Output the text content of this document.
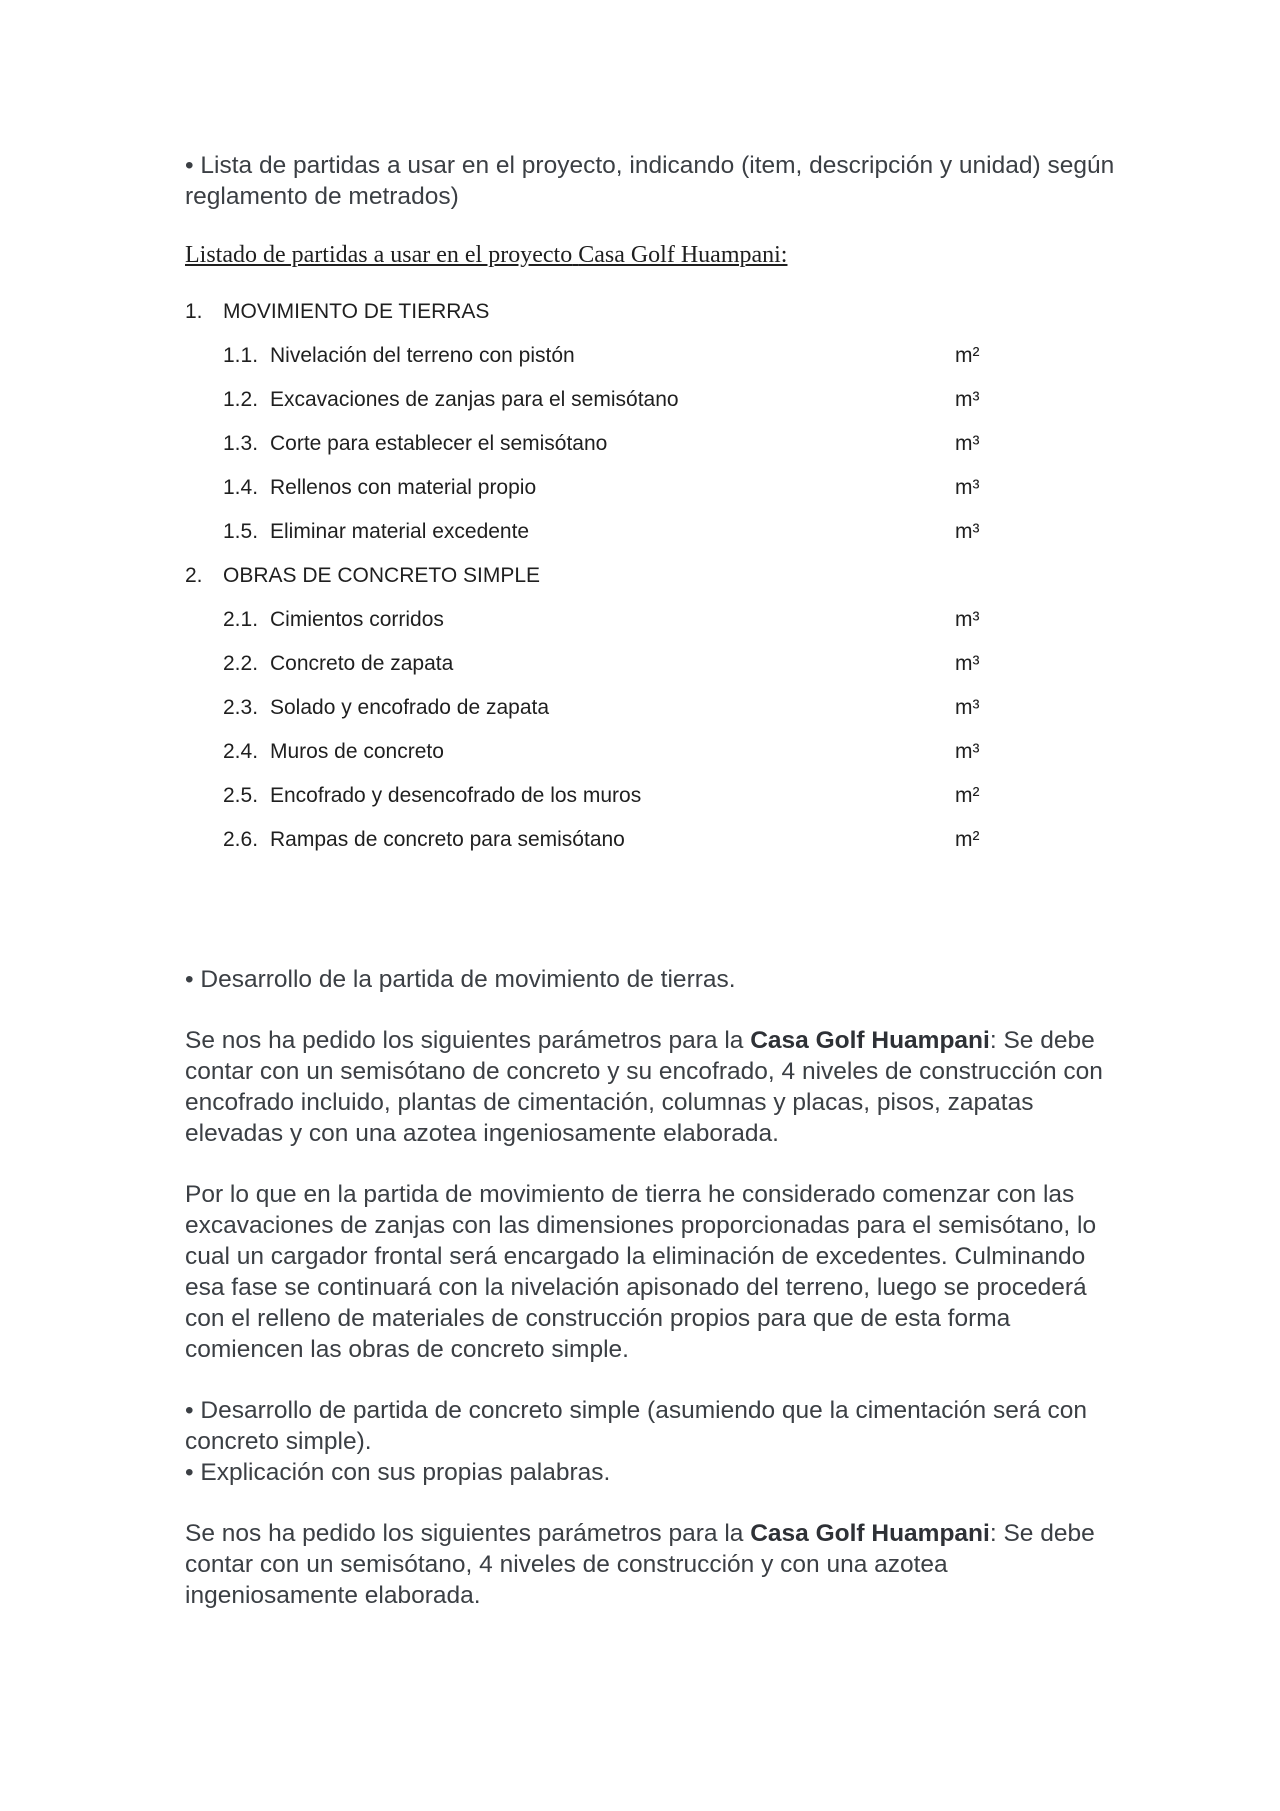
• Lista de partidas a usar en el proyecto, indicando (item, descripción y unidad) según reglamento de metrados)

Listado de partidas a usar en el proyecto Casa Golf Huampani:

1. MOVIMIENTO DE TIERRAS
1.1. Nivelación del terreno con pistón	m²
1.2. Excavaciones de zanjas para el semisótano	m³
1.3. Corte para establecer el semisótano	m³
1.4. Rellenos con material propio	m³
1.5. Eliminar material excedente	m³
2. OBRAS DE CONCRETO SIMPLE
2.1. Cimientos corridos	m³
2.2. Concreto de zapata	m³
2.3. Solado y encofrado de zapata	m³
2.4. Muros de concreto	m³
2.5. Encofrado y desencofrado de los muros	m²
2.6. Rampas de concreto para semisótano	m²

• Desarrollo de la partida de movimiento de tierras.

Se nos ha pedido los siguientes parámetros para la Casa Golf Huampani: Se debe contar con un semisótano de concreto y su encofrado, 4 niveles de construcción con encofrado incluido, plantas de cimentación, columnas y placas, pisos, zapatas elevadas y con una azotea ingeniosamente elaborada.

Por lo que en la partida de movimiento de tierra he considerado comenzar con las excavaciones de zanjas con las dimensiones proporcionadas para el semisótano, lo cual un cargador frontal será encargado la eliminación de excedentes. Culminando esa fase se continuará con la nivelación apisonado del terreno, luego se procederá con el relleno de materiales de construcción propios para que de esta forma comiencen las obras de concreto simple.

• Desarrollo de partida de concreto simple (asumiendo que la cimentación será con concreto simple).

• Explicación con sus propias palabras.

Se nos ha pedido los siguientes parámetros para la Casa Golf Huampani: Se debe contar con un semisótano, 4 niveles de construcción y con una azotea ingeniosamente elaborada.
